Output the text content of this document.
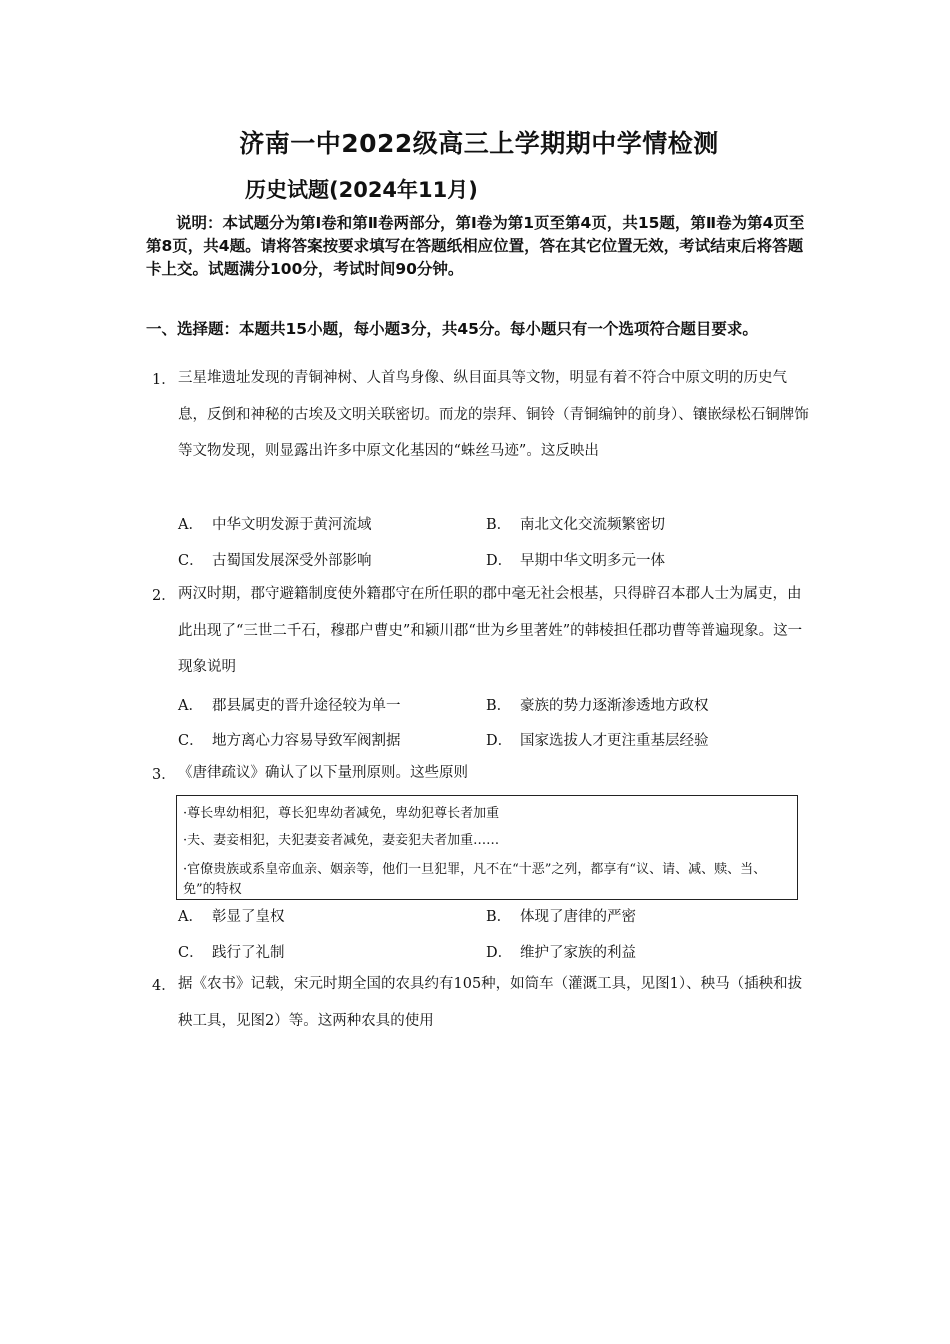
济南一中2022级高三上学期期中学情检测
历史试题(2024年11月)
说明：本试题分为第Ⅰ卷和第Ⅱ卷两部分，第Ⅰ卷为第1页至第4页，共15题，第Ⅱ卷为第4页至第8页，共4题。请将答案按要求填写在答题纸相应位置，答在其它位置无效，考试结束后将答题卡上交。试题满分100分，考试时间90分钟。
一、选择题：本题共15小题，每小题3分，共45分。每小题只有一个选项符合题目要求。
1． 三星堆遗址发现的青铜神树、人首鸟身像、纵目面具等文物，明显有着不符合中原文明的历史气息，反倒和神秘的古埃及文明关联密切。而龙的崇拜、铜铃（青铜编钟的前身）、镶嵌绿松石铜牌饰等文物发现，则显露出许多中原文化基因的“蛛丝马迹”。这反映出
A． 中华文明发源于黄河流域	B． 南北文化交流频繁密切
C． 古蜀国发展深受外部影响	D． 早期中华文明多元一体
2． 两汉时期，郡守避籍制度使外籍郡守在所任职的郡中毫无社会根基，只得辟召本郡人士为属吏，由此出现了“三世二千石，穆郡户曹史”和颍川郡“世为乡里著姓”的韩棱担任郡功曹等普遍现象。这一现象说明
A． 郡县属吏的晋升途径较为单一	B． 豪族的势力逐渐渗透地方政权
C． 地方离心力容易导致军阀割据	D． 国家选拔人才更注重基层经验
3． 《唐律疏议》确认了以下量刑原则。这些原则
·尊长卑幼相犯，尊长犯卑幼者减免，卑幼犯尊长者加重
·夫、妻妾相犯，夫犯妻妾者减免，妻妾犯夫者加重……
·官僚贵族或系皇帝血亲、姻亲等，他们一旦犯罪，凡不在“十恶”之列，都享有“议、请、减、赎、当、免”的特权
A． 彰显了皇权	B． 体现了唐律的严密
C． 践行了礼制	D． 维护了家族的利益
4． 据《农书》记载，宋元时期全国的农具约有105种，如筒车（灌溉工具，见图1）、秧马（插秧和拔秧工具，见图2）等。这两种农具的使用
